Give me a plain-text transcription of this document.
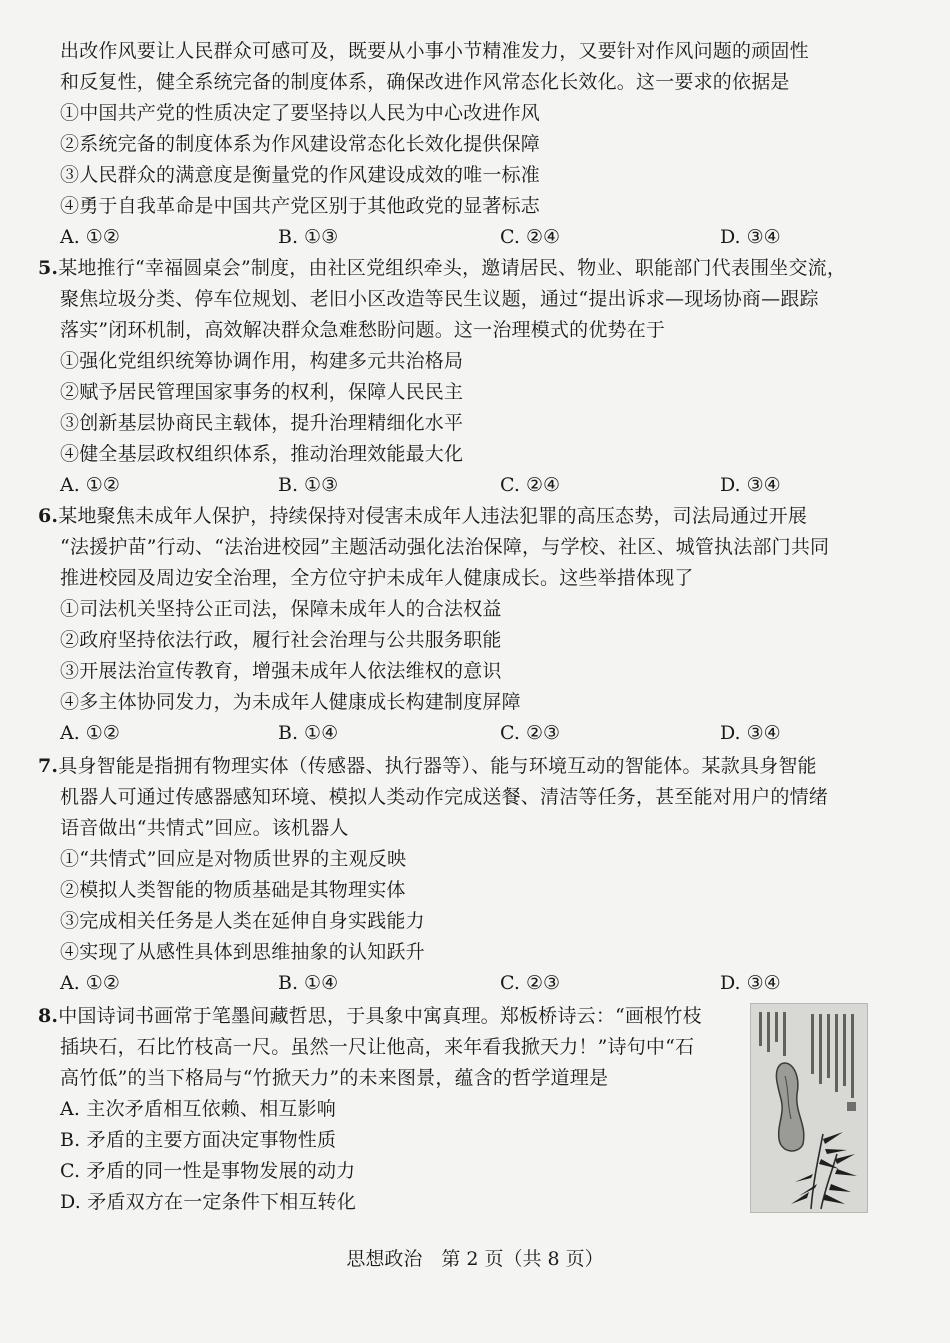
出改作风要让人民群众可感可及，既要从小事小节精准发力，又要针对作风问题的顽固性
和反复性，健全系统完备的制度体系，确保改进作风常态化长效化。这一要求的依据是
①中国共产党的性质决定了要坚持以人民为中心改进作风
②系统完备的制度体系为作风建设常态化长效化提供保障
③人民群众的满意度是衡量党的作风建设成效的唯一标准
④勇于自我革命是中国共产党区别于其他政党的显著标志
A. ①②	B. ①③	C. ②④	D. ③④
5.某地推行“幸福圆桌会”制度，由社区党组织牵头，邀请居民、物业、职能部门代表围坐交流，
聚焦垃圾分类、停车位规划、老旧小区改造等民生议题，通过“提出诉求—现场协商—跟踪
落实”闭环机制，高效解决群众急难愁盼问题。这一治理模式的优势在于
①强化党组织统筹协调作用，构建多元共治格局
②赋予居民管理国家事务的权利，保障人民民主
③创新基层协商民主载体，提升治理精细化水平
④健全基层政权组织体系，推动治理效能最大化
A. ①②	B. ①③	C. ②④	D. ③④
6.某地聚焦未成年人保护，持续保持对侵害未成年人违法犯罪的高压态势，司法局通过开展
“法援护苗”行动、“法治进校园”主题活动强化法治保障，与学校、社区、城管执法部门共同
推进校园及周边安全治理，全方位守护未成年人健康成长。这些举措体现了
①司法机关坚持公正司法，保障未成年人的合法权益
②政府坚持依法行政，履行社会治理与公共服务职能
③开展法治宣传教育，增强未成年人依法维权的意识
④多主体协同发力，为未成年人健康成长构建制度屏障
A. ①②	B. ①④	C. ②③	D. ③④
7.具身智能是指拥有物理实体（传感器、执行器等）、能与环境互动的智能体。某款具身智能
机器人可通过传感器感知环境、模拟人类动作完成送餐、清洁等任务，甚至能对用户的情绪
语音做出“共情式”回应。该机器人
①“共情式”回应是对物质世界的主观反映
②模拟人类智能的物质基础是其物理实体
③完成相关任务是人类在延伸自身实践能力
④实现了从感性具体到思维抽象的认知跃升
A. ①②	B. ①④	C. ②③	D. ③④
8.中国诗词书画常于笔墨间藏哲思，于具象中寓真理。郑板桥诗云：“画根竹枝
插块石，石比竹枝高一尺。虽然一尺让他高，来年看我掀天力！”诗句中“石
高竹低”的当下格局与“竹掀天力”的未来图景，蕴含的哲学道理是
A. 主次矛盾相互依赖、相互影响
B. 矛盾的主要方面决定事物性质
C. 矛盾的同一性是事物发展的动力
D. 矛盾双方在一定条件下相互转化
思想政治　第 2 页（共 8 页）
